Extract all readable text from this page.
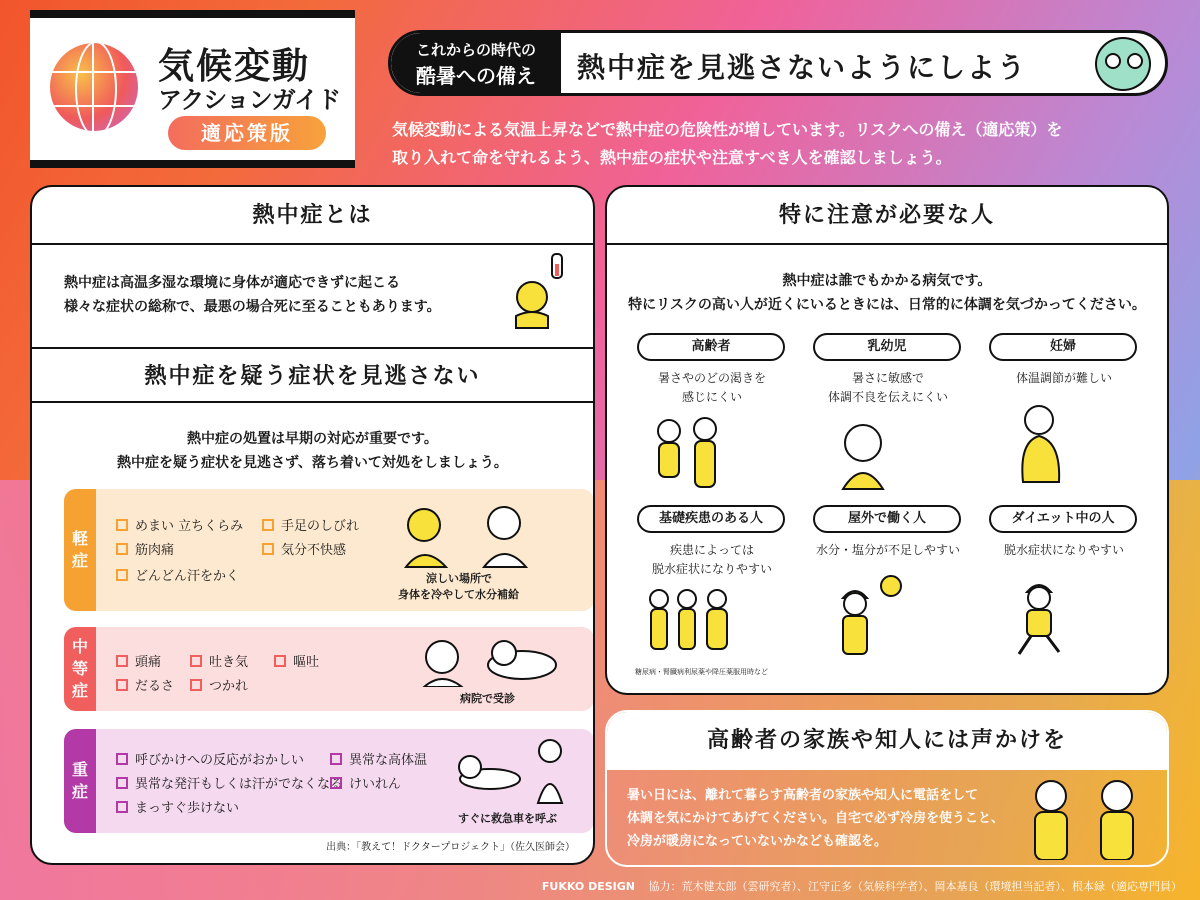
気候変動
アクションガイド
適応策版
これからの時代の
酷暑への備え	熱中症を見逃さないようにしよう
気候変動による気温上昇などで熱中症の危険性が増しています。リスクへの備え（適応策）を
取り入れて命を守れるよう、熱中症の症状や注意すべき人を確認しましょう。
熱中症とは
熱中症は高温多湿な環境に身体が適応できずに起こる
様々な症状の総称で、最悪の場合死に至ることもあります。
熱中症を疑う症状を見逃さない
熱中症の処置は早期の対応が重要です。
熱中症を疑う症状を見逃さず、落ち着いて対処をしましょう。
軽
症
めまい 立ちくらみ
筋肉痛
どんどん汗をかく
手足のしびれ
気分不快感
涼しい場所で
身体を冷やして水分補給
中
等
症
頭痛	吐き気	嘔吐
だるさ	つかれ
病院で受診
重
症
呼びかけへの反応がおかしい
異常な発汗もしくは汗がでなくなる
まっすぐ歩けない
異常な高体温
けいれん
すぐに救急車を呼ぶ
出典：「教えて！ドクタープロジェクト」（佐久医師会）
特に注意が必要な人
熱中症は誰でもかかる病気です。
特にリスクの高い人が近くにいるときには、日常的に体調を気づかってください。
高齢者
暑さやのどの渇きを
感じにくい
乳幼児
暑さに敏感で
体調不良を伝えにくい
妊婦
体温調節が難しい
基礎疾患のある人
疾患によっては
脱水症状になりやすい
屋外で働く人
水分・塩分が不足しやすい
ダイエット中の人
脱水症状になりやすい
糖尿病・腎臓病利尿薬や降圧薬服用時など
高齢者の家族や知人には声かけを
暑い日には、離れて暮らす高齢者の家族や知人に電話をして
体調を気にかけてあげてください。自宅で必ず冷房を使うこと、
冷房が暖房になっていないかなども確認を。
FUKKO DESIGN 協力：荒木健太郎（雲研究者）、江守正多（気候科学者）、岡本基良（環境担当記者）、根本緑（適応専門員）
